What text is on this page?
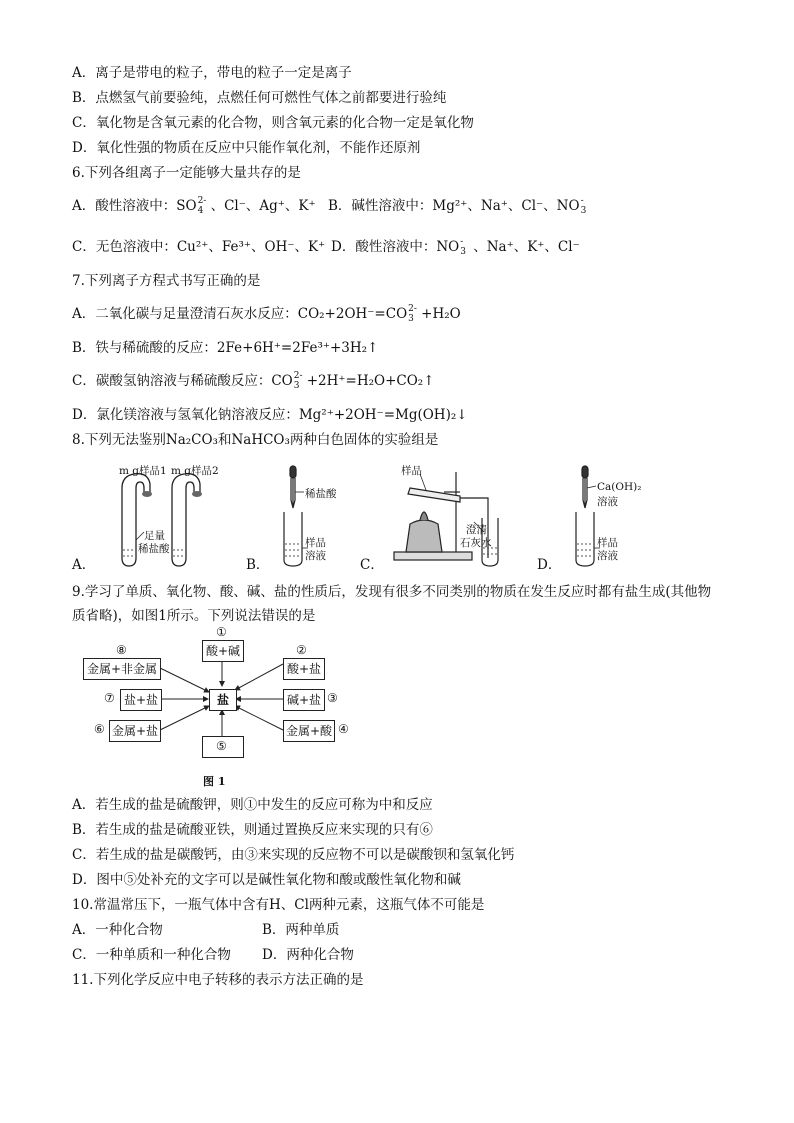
A．离子是带电的粒子，带电的粒子一定是离子
B．点燃氢气前要验纯，点燃任何可燃性气体之前都要进行验纯
C．氧化物是含氧元素的化合物，则含氧元素的化合物一定是氧化物
D．氧化性强的物质在反应中只能作氧化剂，不能作还原剂
6.下列各组离子一定能够大量共存的是
A．酸性溶液中：SO 2-
4 、Cl⁻、Ag⁺、K⁺ B．碱性溶液中：Mg²⁺、Na⁺、Cl⁻、NO -
3
C．无色溶液中：Cu²⁺、Fe³⁺、OH⁻、K⁺ D．酸性溶液中：NO -
3 、Na⁺、K⁺、Cl⁻
7.下列离子方程式书写正确的是
A．二氧化碳与足量澄清石灰水反应：CO₂+2OH⁻=CO 2-
3 +H₂O
B．铁与稀硫酸的反应：2Fe+6H⁺=2Fe³⁺+3H₂↑
C．碳酸氢钠溶液与稀硫酸反应：CO 2-
3 +2H⁺=H₂O+CO₂↑
D．氯化镁溶液与氢氧化钠溶液反应：Mg²⁺+2OH⁻=Mg(OH)₂↓
8.下列无法鉴别Na₂CO₃和NaHCO₃两种白色固体的实验组是
A．
m g样品1 m g样品2
足量
稀盐酸
B．
稀盐酸
样品
溶液
C．
样品
澄清
石灰水
D．
Ca(OH)₂
溶液
样品
溶液
9.学习了单质、氧化物、酸、碱、盐的性质后，发现有很多不同类别的物质在发生反应时都有盐生成(其他物质省略)，如图1所示。下列说法错误的是
①
酸+碱	②
酸+盐
碱+盐 ③
金属+酸 ④
⑤
金属+盐
⑥
盐+盐
⑦
⑧
金属+非金属
盐
图 1
A．若生成的盐是硫酸钾，则①中发生的反应可称为中和反应
B．若生成的盐是硫酸亚铁，则通过置换反应来实现的只有⑥
C．若生成的盐是碳酸钙，由③来实现的反应物不可以是碳酸钡和氢氧化钙
D．图中⑤处补充的文字可以是碱性氧化物和酸或酸性氧化物和碱
10.常温常压下，一瓶气体中含有H、Cl两种元素，这瓶气体不可能是
A．一种化合物	B．两种单质
C．一种单质和一种化合物 D．两种化合物
11.下列化学反应中电子转移的表示方法正确的是
